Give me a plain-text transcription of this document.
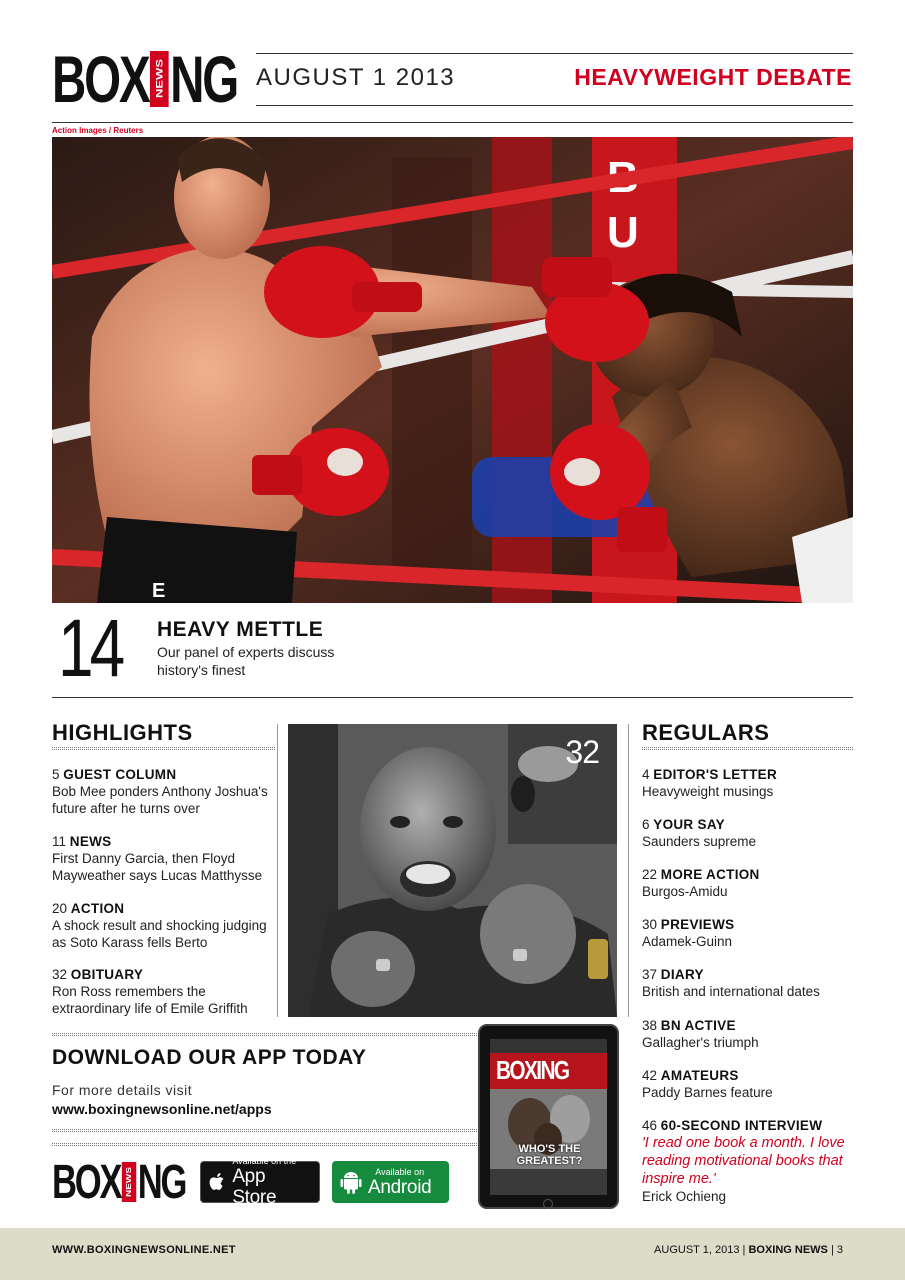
BOX NEWS NG AUGUST 1 2013	HEAVYWEIGHT DEBATE
Action Images / Reuters
U
E
14 HEAVY METTLE
Our panel of experts discuss history's finest
HIGHLIGHTS
5 GUEST COLUMN
Bob Mee ponders Anthony Joshua's future after he turns over
11 NEWS
First Danny Garcia, then Floyd Mayweather says Lucas Matthysse
20 ACTION
A shock result and shocking judging as Soto Karass fells Berto
32 OBITUARY
Ron Ross remembers the extraordinary life of Emile Griffith
32
REGULARS
4 EDITOR'S LETTER
Heavyweight musings
6 YOUR SAY
Saunders supreme
22 MORE ACTION
Burgos-Amidu
30 PREVIEWS
Adamek-Guinn
37 DIARY
British and international dates
38 BN ACTIVE
Gallagher's triumph
42 AMATEURS
Paddy Barnes feature
46 60-SECOND INTERVIEW
'I read one book a month. I love reading motivational books that inspire me.'
Erick Ochieng
DOWNLOAD OUR APP TODAY
For more details visit
www.boxingnewsonline.net/apps
BOX NEWS NG	Available on the
App Store
Available on
Android
BOXING
WHO'S THE GREATEST?
WWW.BOXINGNEWSONLINE.NET	AUGUST 1, 2013 | BOXING NEWS | 3
